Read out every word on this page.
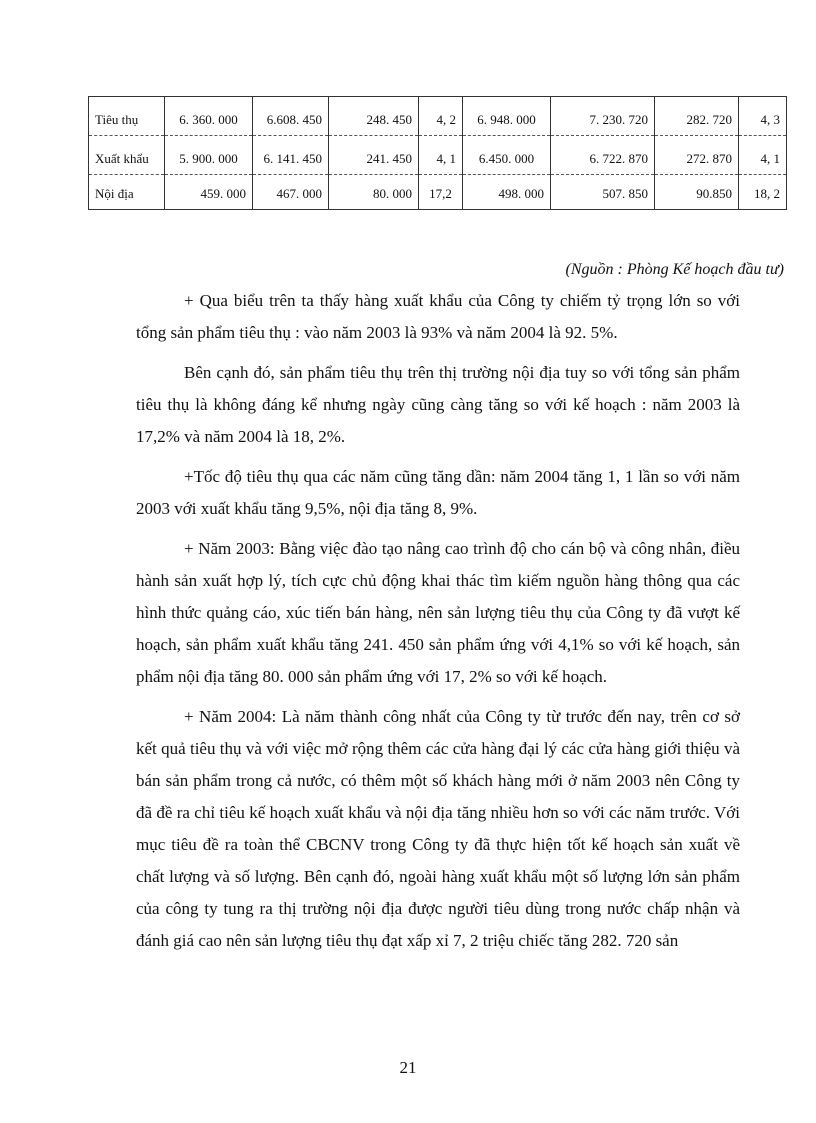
Tiêu thụ	6. 360. 000	6.608. 450	248. 450	4, 2	6. 948. 000	7. 230. 720	282. 720	4, 3
Xuất khẩu	5. 900. 000	6. 141. 450	241. 450	4, 1	6.450. 000	6. 722. 870	272. 870	4, 1
Nội địa	459. 000	467. 000	80. 000	17,2	498. 000	507. 850	90.850	18, 2
(Nguồn : Phòng Kế hoạch đầu tư)

+ Qua biểu trên ta thấy hàng xuất khẩu của Công ty chiếm tỷ trọng lớn so với tổng sản phẩm tiêu thụ : vào năm 2003 là 93% và năm 2004 là 92. 5%.

Bên cạnh đó, sản phẩm tiêu thụ trên thị trường nội địa tuy so với tổng sản phẩm tiêu thụ là không đáng kể nhưng ngày cũng càng tăng so với kế hoạch : năm 2003 là 17,2% và năm 2004 là 18, 2%.

+Tốc độ tiêu thụ qua các năm cũng tăng dần: năm 2004 tăng 1, 1 lần so với năm 2003 với xuất khẩu tăng 9,5%, nội địa tăng 8, 9%.

+ Năm 2003: Bằng việc đào tạo nâng cao trình độ cho cán bộ và công nhân, điều hành sản xuất hợp lý, tích cực chủ động khai thác tìm kiếm nguồn hàng thông qua các hình thức quảng cáo, xúc tiến bán hàng, nên sản lượng tiêu thụ của Công ty đã vượt kế hoạch, sản phẩm xuất khẩu tăng 241. 450 sản phẩm ứng với 4,1% so với kế hoạch, sản phẩm nội địa tăng 80. 000 sản phẩm ứng với 17, 2% so với kế hoạch.

+ Năm 2004: Là năm thành công nhất của Công ty từ trước đến nay, trên cơ sở kết quả tiêu thụ và với việc mở rộng thêm các cửa hàng đại lý các cửa hàng giới thiệu và bán sản phẩm trong cả nước, có thêm một số khách hàng mới ở năm 2003 nên Công ty đã đề ra chỉ tiêu kế hoạch xuất khẩu và nội địa tăng nhiều hơn so với các năm trước. Với mục tiêu đề ra toàn thể CBCNV trong Công ty đã thực hiện tốt kế hoạch sản xuất về chất lượng và số lượng. Bên cạnh đó, ngoài hàng xuất khẩu một số lượng lớn sản phẩm của công ty tung ra thị trường nội địa được người tiêu dùng trong nước chấp nhận và đánh giá cao nên sản lượng tiêu thụ đạt xấp xỉ 7, 2 triệu chiếc tăng 282. 720 sản

21
